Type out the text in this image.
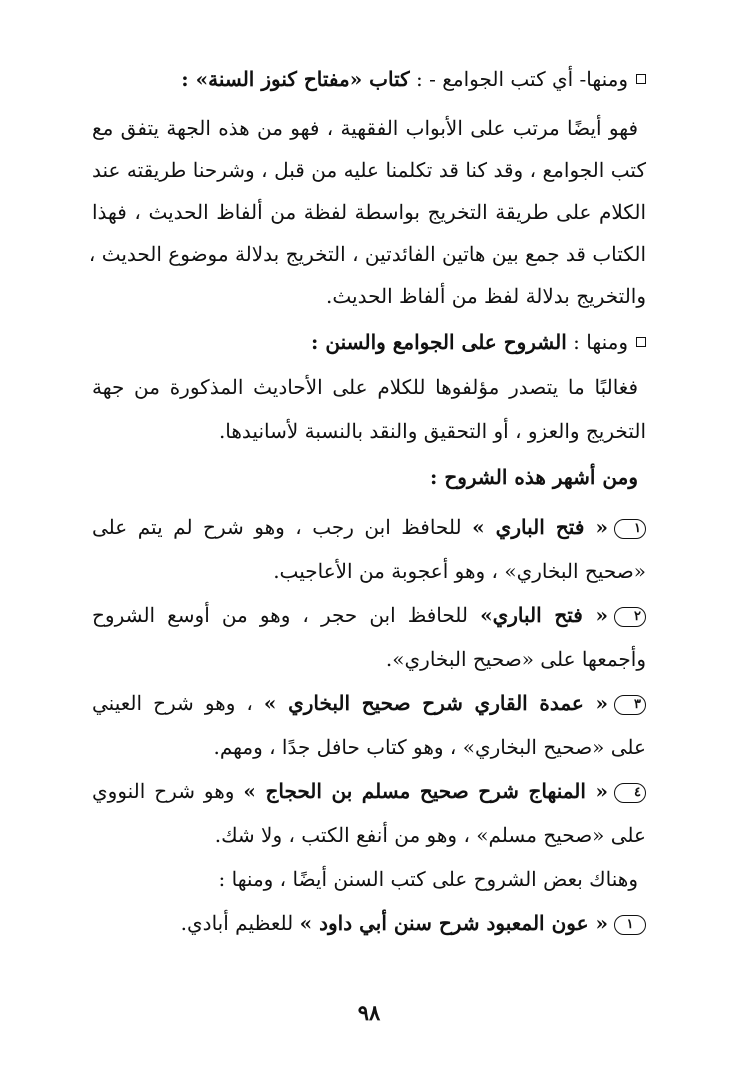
ومنها- أي كتب الجوامع - : كتاب «مفتاح كنوز السنة» :
فهو أيضًا مرتب على الأبواب الفقهية ، فهو من هذه الجهة يتفق مع
كتب الجوامع ، وقد كنا قد تكلمنا عليه من قبل ، وشرحنا طريقته عند
الكلام على طريقة التخريج بواسطة لفظة من ألفاظ الحديث ، فهذا
الكتاب قد جمع بين هاتين الفائدتين ، التخريج بدلالة موضوع الحديث ،
والتخريج بدلالة لفظ من ألفاظ الحديث.
ومنها : الشروح على الجوامع والسنن :
فغالبًا ما يتصدر مؤلفوها للكلام على الأحاديث المذكورة من جهة
التخريج والعزو ، أو التحقيق والنقد بالنسبة لأسانيدها.
ومن أشهر هذه الشروح :
١« فتح الباري » للحافظ ابن رجب ، وهو شرح لم يتم على
«صحيح البخاري» ، وهو أعجوبة من الأعاجيب.
٢« فتح الباري» للحافظ ابن حجر ، وهو من أوسع الشروح
وأجمعها على «صحيح البخاري».
٣« عمدة القاري شرح صحيح البخاري » ، وهو شرح العيني
على «صحيح البخاري» ، وهو كتاب حافل جدًا ، ومهم.
٤« المنهاج شرح صحيح مسلم بن الحجاج » وهو شرح النووي
على «صحيح مسلم» ، وهو من أنفع الكتب ، ولا شك.
وهناك بعض الشروح على كتب السنن أيضًا ، ومنها :
١« عون المعبود شرح سنن أبي داود » للعظيم أبادي.
٩٨
